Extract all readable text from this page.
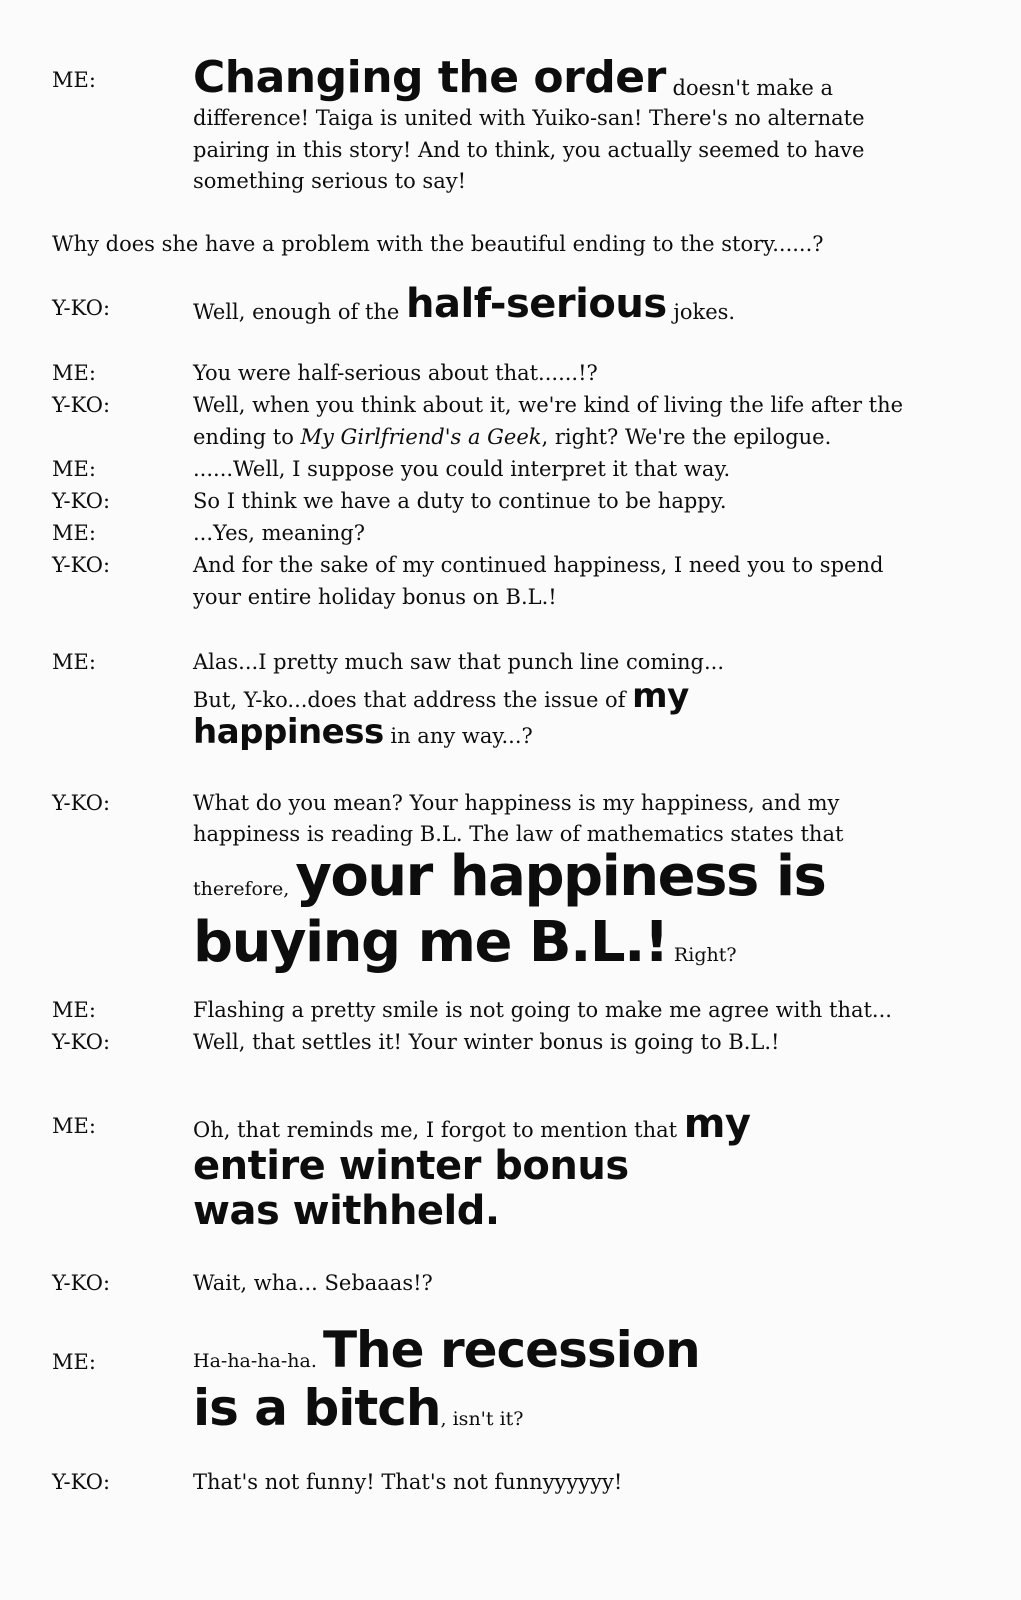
ME: Changing the order doesn't make a
difference! Taiga is united with Yuiko-san! There's no alternate
pairing in this story! And to think, you actually seemed to have
something serious to say!
Why does she have a problem with the beautiful ending to the story......?
Y-KO:	Well, enough of the half-serious jokes.
ME:	You were half-serious about that......!?
Y-KO:	Well, when you think about it, we're kind of living the life after the
ending to My Girlfriend's a Geek, right? We're the epilogue.
ME:	......Well, I suppose you could interpret it that way.
Y-KO:	So I think we have a duty to continue to be happy.
ME:	...Yes, meaning?
Y-KO:	And for the sake of my continued happiness, I need you to spend
your entire holiday bonus on B.L.!
ME:	Alas...I pretty much saw that punch line coming...
But, Y-ko...does that address the issue of my
happiness in any way...?
Y-KO:	What do you mean? Your happiness is my happiness, and my
happiness is reading B.L. The law of mathematics states that
therefore, your happiness is
buying me B.L.! Right?
ME:	Flashing a pretty smile is not going to make me agree with that...
Y-KO:	Well, that settles it! Your winter bonus is going to B.L.!
ME:	Oh, that reminds me, I forgot to mention that my
entire winter bonus
was withheld.
Y-KO:	Wait, wha... Sebaaas!?
ME:	Ha-ha-ha-ha. The recession
is a bitch, isn't it?
Y-KO:	That's not funny! That's not funnyyyyyy!
